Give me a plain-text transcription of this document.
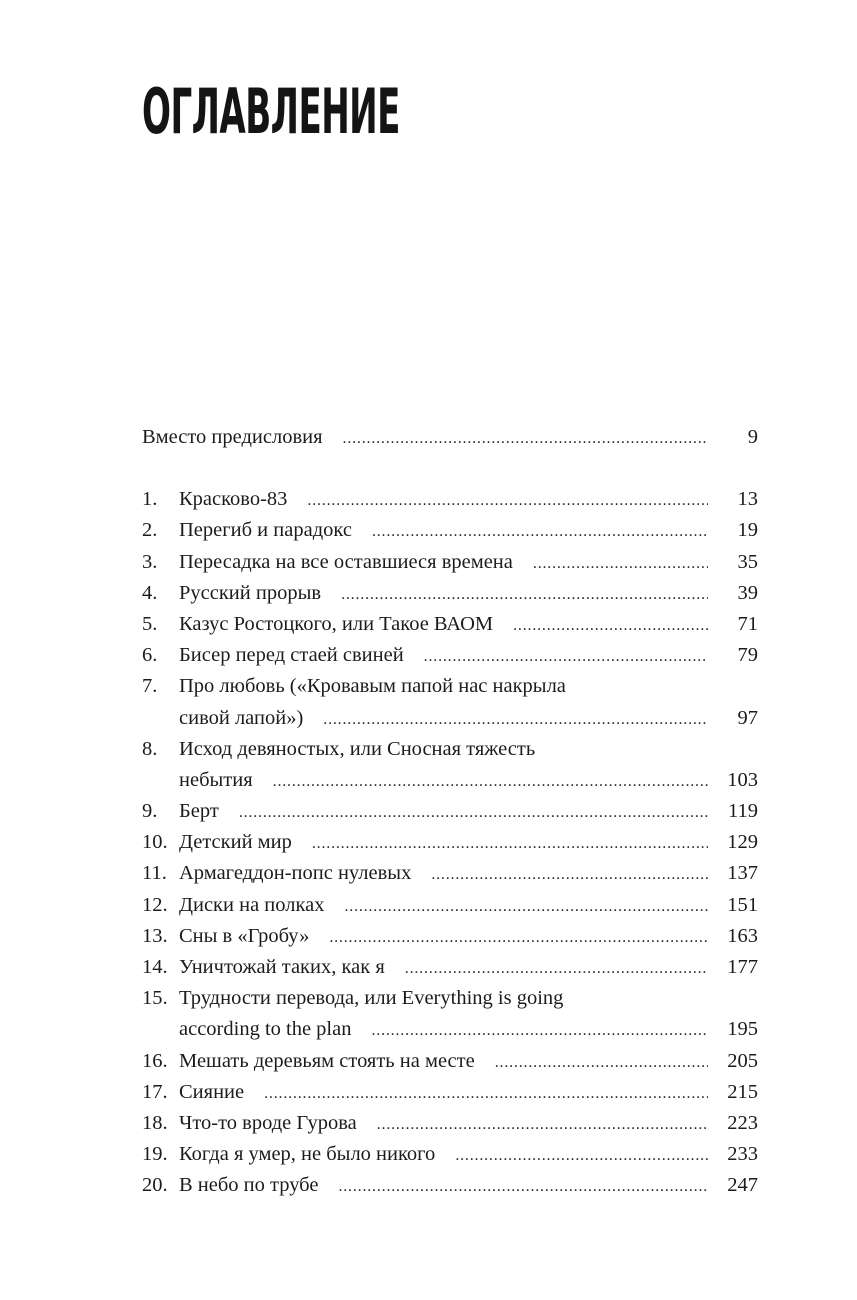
ОГЛАВЛЕНИЕ
Вместо предисловия . . .	9
1.	Красково-83 . . .	13
2.	Перегиб и парадокс . . .	19
3.	Пересадка на все оставшиеся времена . . .	35
4.	Русский прорыв . . .	39
5.	Казус Ростоцкого, или Такое ВАОМ . . .	71
6.	Бисер перед стаей свиней . . .	79
7.	Про любовь («Кровавым папой нас накрыла
сивой лапой») . . .	97
8.	Исход девяностых, или Сносная тяжесть
небытия . . .	103
9.	Берт . . .	119
10. Детский мир . . .	129
11. Армагеддон-попс нулевых . . .	137
12. Диски на полках . . .	151
13. Сны в «Гробу» . . .	163
14. Уничтожай таких, как я . . .	177
15. Трудности перевода, или Everything is going
according to the plan . . .	195
16. Мешать деревьям стоять на месте . . .	205
17. Сияние . . .	215
18. Что-то вроде Гурова . . .	223
19. Когда я умер, не было никого . . .	233
20. В небо по трубе . . .	247
